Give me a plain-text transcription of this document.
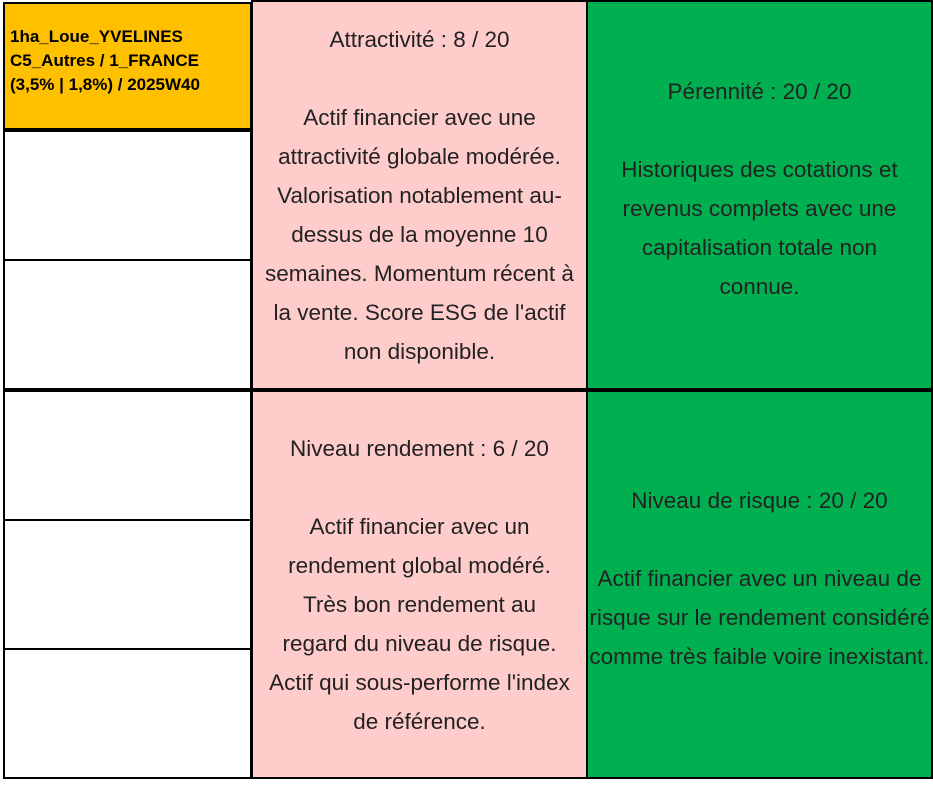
1ha_Loue_YVELINES
C5_Autres / 1_FRANCE
(3,5% | 1,8%) / 2025W40
Attractivité : 8 / 20
Actif financier avec une attractivité globale modérée. Valorisation notablement au-dessus de la moyenne 10 semaines. Momentum récent à la vente. Score ESG de l'actif non disponible.
Pérennité : 20 / 20
Historiques des cotations et revenus complets avec une capitalisation totale non connue.
Niveau rendement : 6 / 20
Actif financier avec un rendement global modéré. Très bon rendement au regard du niveau de risque. Actif qui sous-performe l'index de référence.
Niveau de risque : 20 / 20
Actif financier avec un niveau de risque sur le rendement considéré comme très faible voire inexistant.
